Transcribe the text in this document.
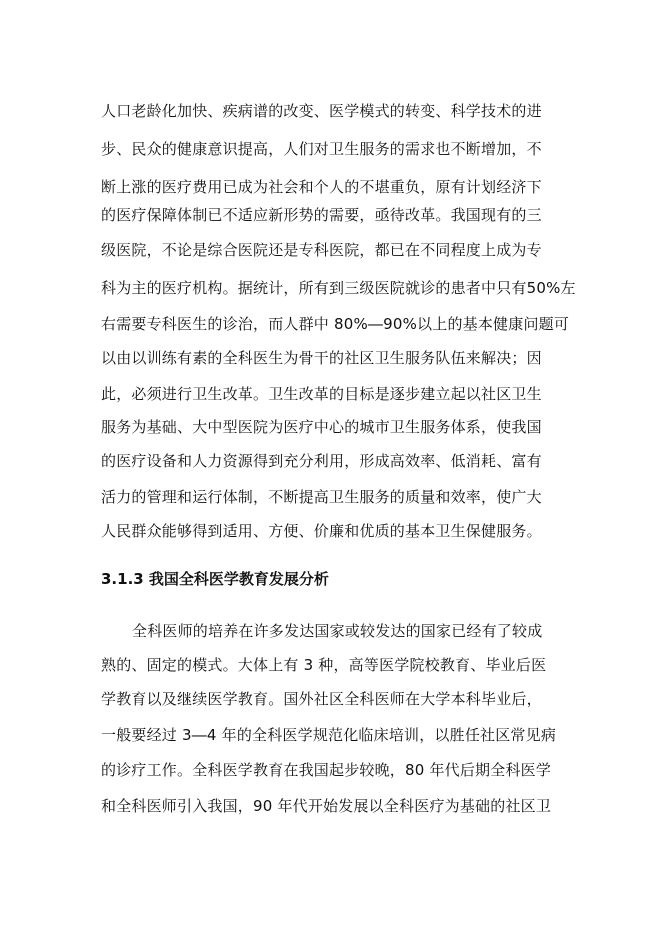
人口老龄化加快、疾病谱的改变、医学模式的转变、科学技术的进
步、民众的健康意识提高，人们对卫生服务的需求也不断增加，不
断上涨的医疗费用已成为社会和个人的不堪重负，原有计划经济下
的医疗保障体制已不适应新形势的需要，亟待改革。我国现有的三
级医院，不论是综合医院还是专科医院，都已在不同程度上成为专
科为主的医疗机构。据统计，所有到三级医院就诊的患者中只有50%左
右需要专科医生的诊治，而人群中 80%―90%以上的基本健康问题可
以由以训练有素的全科医生为骨干的社区卫生服务队伍来解决；因
此，必须进行卫生改革。卫生改革的目标是逐步建立起以社区卫生
服务为基础、大中型医院为医疗中心的城市卫生服务体系，使我国
的医疗设备和人力资源得到充分利用，形成高效率、低消耗、富有
活力的管理和运行体制，不断提高卫生服务的质量和效率，使广大
人民群众能够得到适用、方便、价廉和优质的基本卫生保健服务。
3.1.3 我国全科医学教育发展分析
全科医师的培养在许多发达国家或较发达的国家已经有了较成
熟的、固定的模式。大体上有 3 种，高等医学院校教育、毕业后医
学教育以及继续医学教育。国外社区全科医师在大学本科毕业后，
一般要经过 3―4 年的全科医学规范化临床培训，以胜任社区常见病
的诊疗工作。全科医学教育在我国起步较晚，80 年代后期全科医学
和全科医师引入我国，90 年代开始发展以全科医疗为基础的社区卫
